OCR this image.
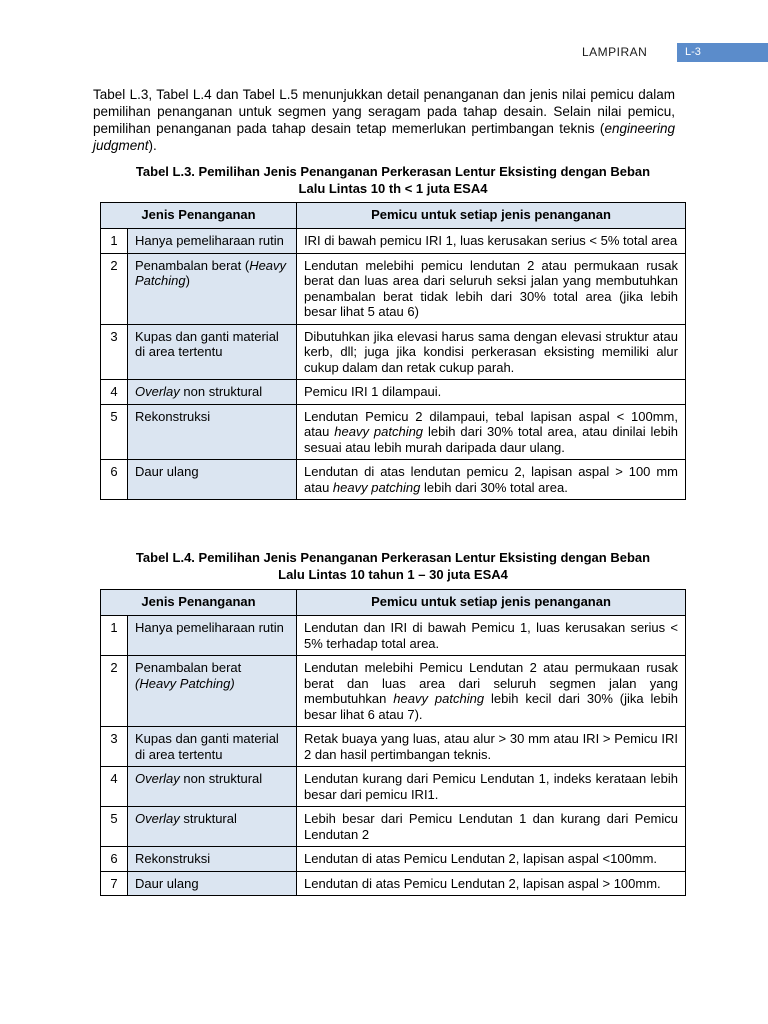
LAMPIRAN	L-3

Tabel L.3, Tabel L.4 dan Tabel L.5 menunjukkan detail penanganan dan jenis nilai pemicu dalam pemilihan penanganan untuk segmen yang seragam pada tahap desain. Selain nilai pemicu, pemilihan penanganan pada tahap desain tetap memerlukan pertimbangan teknis (engineering judgment).

Tabel L.3. Pemilihan Jenis Penanganan Perkerasan Lentur Eksisting dengan Beban
Lalu Lintas 10 th < 1 juta ESA4

Jenis Penanganan		Pemicu untuk setiap jenis penanganan
1	Hanya pemeliharaan rutin	IRI di bawah pemicu IRI 1, luas kerusakan serius < 5% total area
2	Penambalan berat (Heavy Patching)	Lendutan melebihi pemicu lendutan 2 atau permukaan rusak berat dan luas area dari seluruh seksi jalan yang membutuhkan penambalan berat tidak lebih dari 30% total area (jika lebih besar lihat 5 atau 6)
3	Kupas dan ganti material di area tertentu	Dibutuhkan jika elevasi harus sama dengan elevasi struktur atau kerb, dll; juga jika kondisi perkerasan eksisting memiliki alur cukup dalam dan retak cukup parah.
4	Overlay non struktural	Pemicu IRI 1 dilampaui.
5	Rekonstruksi	Lendutan Pemicu 2 dilampaui, tebal lapisan aspal < 100mm, atau heavy patching lebih dari 30% total area, atau dinilai lebih sesuai atau lebih murah daripada daur ulang.
6	Daur ulang	Lendutan di atas lendutan pemicu 2, lapisan aspal > 100 mm atau heavy patching lebih dari 30% total area.

Tabel L.4. Pemilihan Jenis Penanganan Perkerasan Lentur Eksisting dengan Beban
Lalu Lintas 10 tahun 1 – 30 juta ESA4

Jenis Penanganan		Pemicu untuk setiap jenis penanganan
1	Hanya pemeliharaan rutin	Lendutan dan IRI di bawah Pemicu 1, luas kerusakan serius < 5% terhadap total area.
2	Penambalan berat
(Heavy Patching)	Lendutan melebihi Pemicu Lendutan 2 atau permukaan rusak berat dan luas area dari seluruh segmen jalan yang membutuhkan heavy patching lebih kecil dari 30% (jika lebih besar lihat 6 atau 7).
3	Kupas dan ganti material di area tertentu	Retak buaya yang luas, atau alur > 30 mm atau IRI > Pemicu IRI 2 dan hasil pertimbangan teknis.
4	Overlay non struktural	Lendutan kurang dari Pemicu Lendutan 1, indeks kerataan lebih besar dari pemicu IRI1.
5	Overlay struktural	Lebih besar dari Pemicu Lendutan 1 dan kurang dari Pemicu Lendutan 2
6	Rekonstruksi	Lendutan di atas Pemicu Lendutan 2, lapisan aspal <100mm.
7	Daur ulang	Lendutan di atas Pemicu Lendutan 2, lapisan aspal > 100mm.
